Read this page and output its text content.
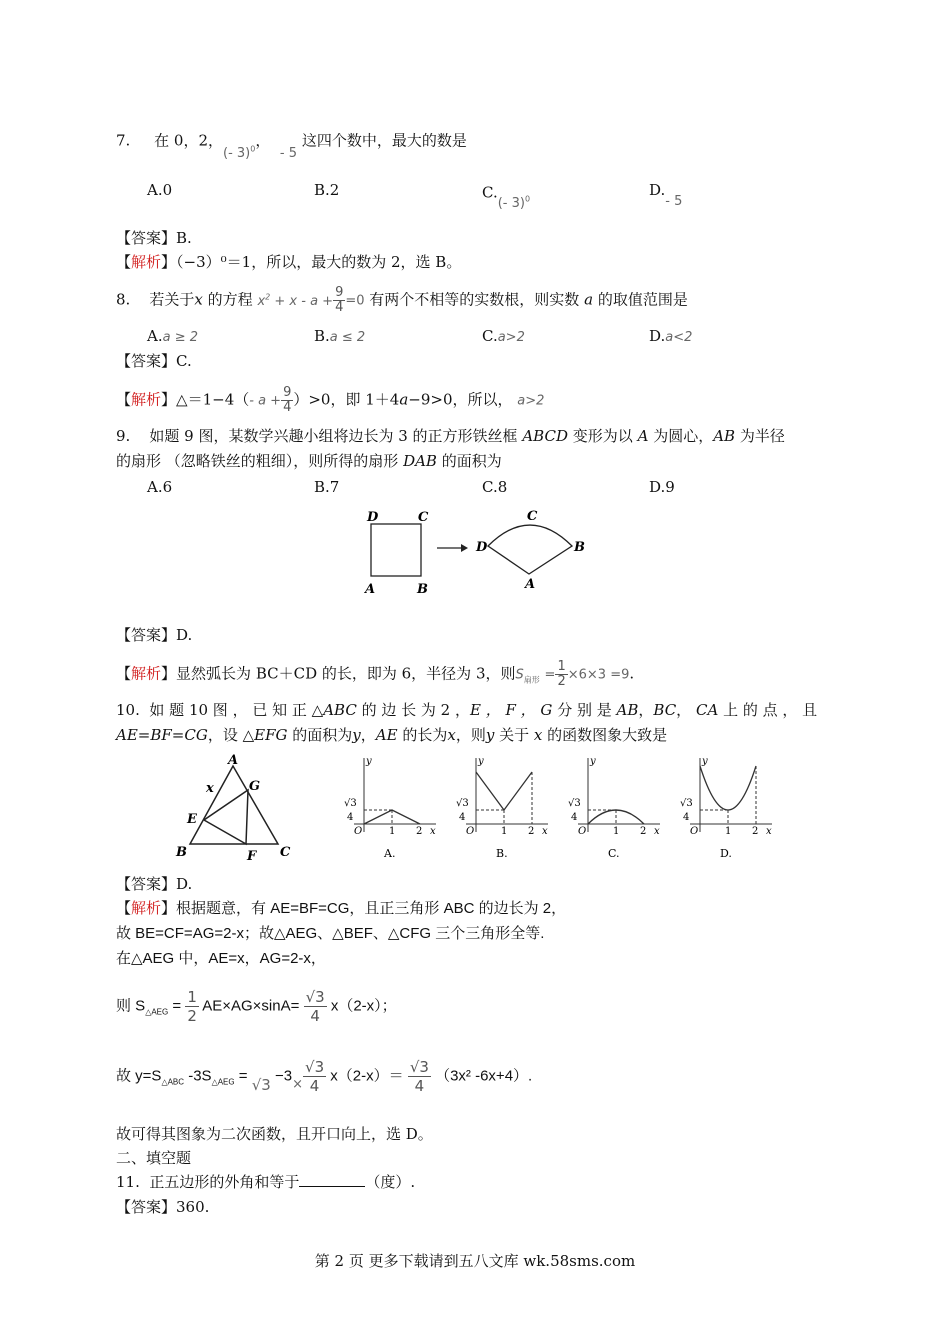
7. 在 0，2，(- 3)$^0$，  - 5 这四个数中，最大的数是
A.0	B.2	C.(- 3)$^0$
D.- 5
【答案】B.
【解析】（−3）⁰＝1，所以，最大的数为 2，选 B。
8. 若关于x 的方程 $x^2 + x - a + \frac{9}{4} =0$ 有两个不相等的实数根，则实数 a 的取值范围是
A.a ≥ 2	B.a ≤ 2	C.a>2	D.a<2
【答案】C.
【解析】△＝1−4（- $a + \frac{9}{4} )>0$，即 1＋4a−9>0，所以， a>2
9. 如题 9 图，某数学兴趣小组将边长为 3 的正方形铁丝框 ABCD 变形为以 A 为圆心，AB 为半径
的扇形 （忽略铁丝的粗细），则所得的扇形 DAB 的面积为
A.6	B.7	C.8	D.9
D	C
A	B
C
D	B
A
【答案】D.
【解析】显然弧长为 BC＋CD 的长，即为 6，半径为 3，则$S_{扇形} = \frac{1}{2} \times 6\times 3 =9$.
10. 如 题 10 图 ， 已 知 正 △ABC 的 边 长 为 2 ，E ， F ， G 分 别 是 AB，BC， CA 上 的 点 ， 且
AE=BF=CG，设 △EFG 的面积为y，AE 的长为x，则y 关于 x 的函数图象大致是
A
x	G
E
B	F C
y
√3
4
O	1 2 x
A.
y
√3
4
O	1 2 x
B.
y
√3
4
O	1 2 x
C.
y
√3
4
O	1 2 x
D.
【答案】D.
【解析】根据题意，有 AE=BF=CG，且正三角形 ABC 的边长为 2，
故 BE=CF=AG=2-x；故△AEG、△BEF、△CFG 三个三角形全等.
在△AEG 中，AE=x，AG=2-x，
则 $S_{\triangle AEG} = \frac{1}{2} AE\times AG\times\sin A= \frac{√3}{4} x(2-x)$；
故 $y=S_{\triangle ABC}$ $-3S_{\triangle AEG} = √3 -3\times \frac{√3}{4} x(2-x)= \frac{√3}{4} (3x^2$ -6x+4）.
故可得其图象为二次函数，且开口向上，选 D。
二、填空题
11. 正五边形的外角和等于	（度）.
【答案】360.
第 2 页 更多下载请到五八文库 wk.58sms.com
